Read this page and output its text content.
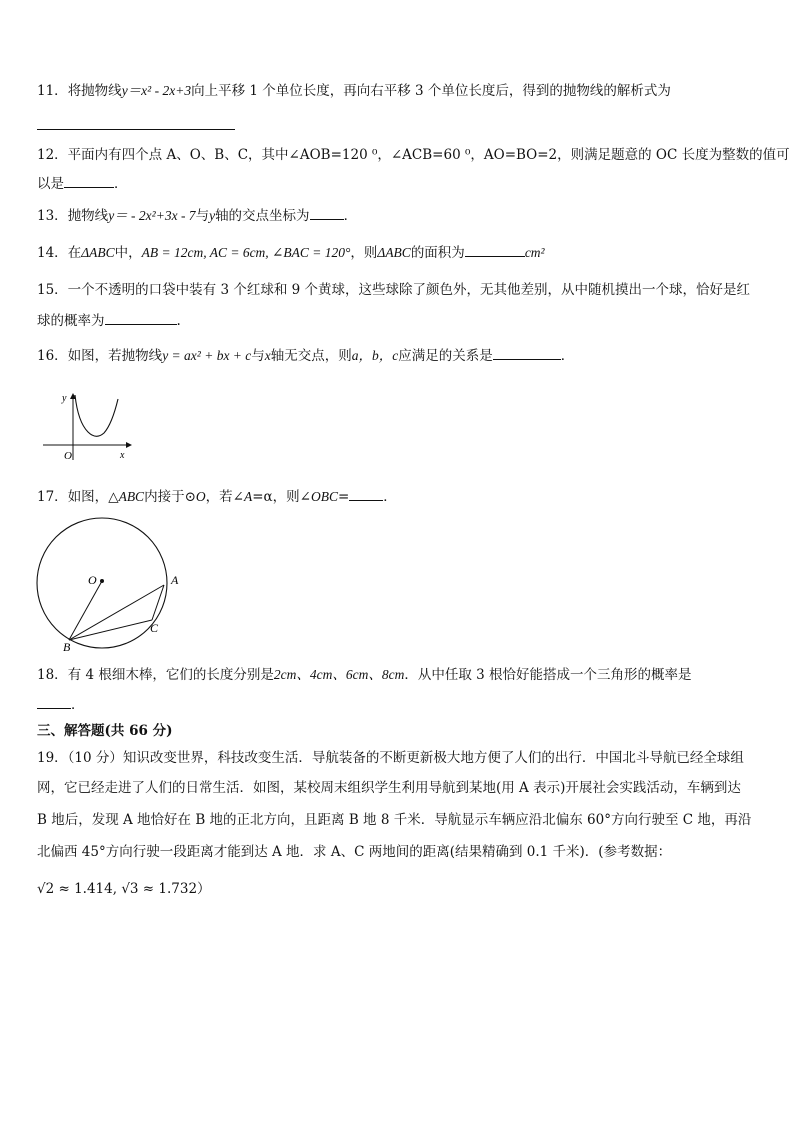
11．将抛物线y＝x² - 2x+3向上平移 1 个单位长度，再向右平移 3 个单位长度后，得到的抛物线的解析式为
12．平面内有四个点 A、O、B、C，其中∠AOB=120 ⁰，∠ACB=60 ⁰，AO=BO=2，则满足题意的 OC 长度为整数的值可
以是	．
13．抛物线y＝ - 2x²+3x - 7与y轴的交点坐标为	．
14．在ΔABC中，AB = 12cm, AC = 6cm, ∠BAC = 120°，则ΔABC的面积为	cm²
15．一个不透明的口袋中装有 3 个红球和 9 个黄球，这些球除了颜色外，无其他差别，从中随机摸出一个球，恰好是红
球的概率为	.
16．如图，若抛物线y = ax² + bx + c与x轴无交点，则a，b，c应满足的关系是	．
y
x
O
17．如图，△ABC内接于⊙O，若∠A=α，则∠OBC=	．
O	A
B
C
18．有 4 根细木棒，它们的长度分别是2cm、4cm、6cm、8cm．从中任取 3 根恰好能搭成一个三角形的概率是
．
三、解答题(共 66 分)
19．（10 分）知识改变世界，科技改变生活．导航装备的不断更新极大地方便了人们的出行．中国北斗导航已经全球组
网，它已经走进了人们的日常生活．如图，某校周末组织学生利用导航到某地(用 A 表示)开展社会实践活动，车辆到达
B 地后，发现 A 地恰好在 B 地的正北方向，且距离 B 地 8 千米．导航显示车辆应沿北偏东 60°方向行驶至 C 地，再沿
北偏西 45°方向行驶一段距离才能到达 A 地．求 A、C 两地间的距离(结果精确到 0.1 千米)．(参考数据：
√2 ≈ 1.414, √3 ≈ 1.732）
